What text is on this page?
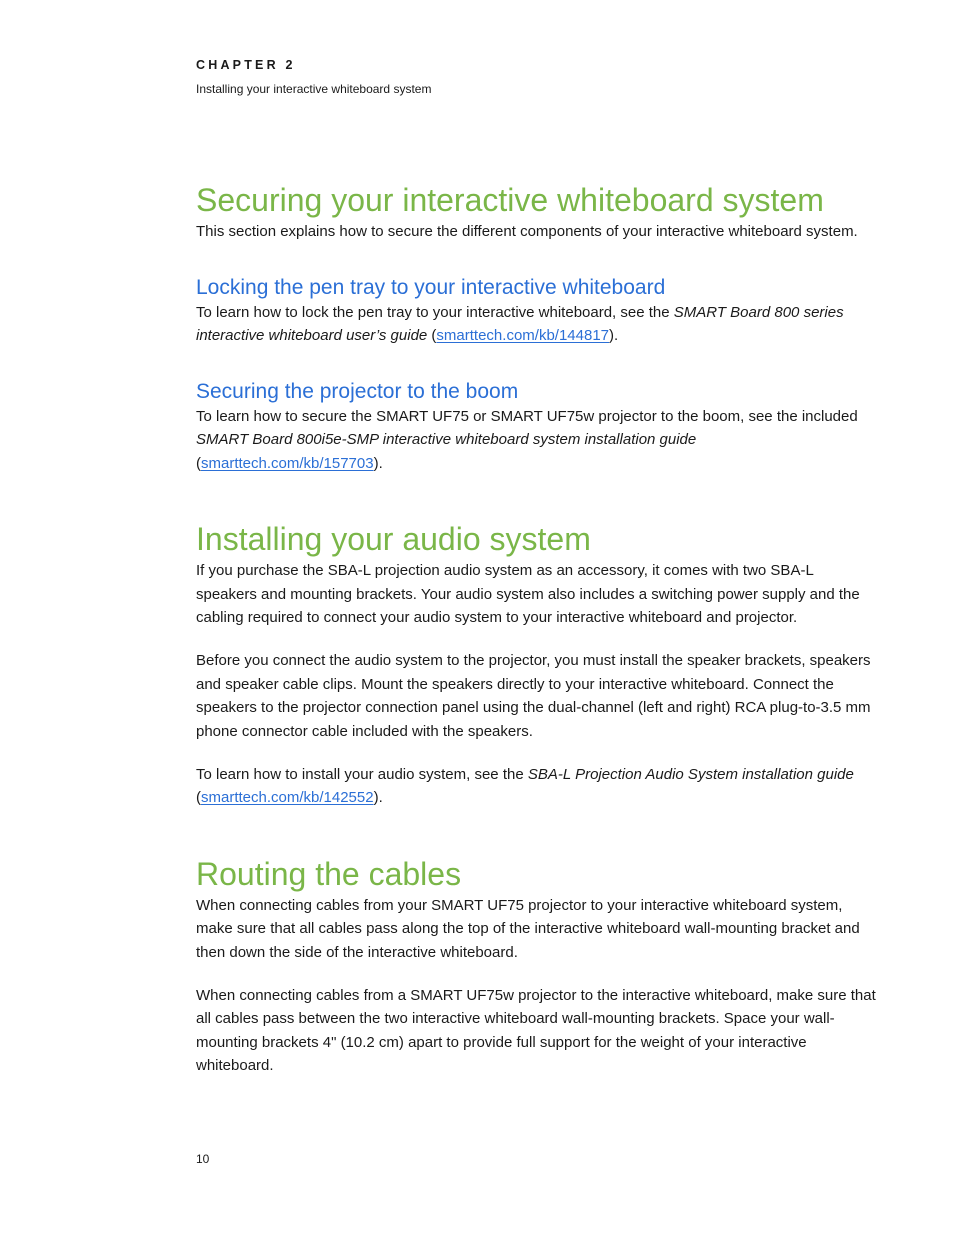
CHAPTER 2
Installing your interactive whiteboard system
Securing your interactive whiteboard system

This section explains how to secure the different components of your interactive whiteboard system.

Locking the pen tray to your interactive whiteboard

To learn how to lock the pen tray to your interactive whiteboard, see the SMART Board 800 series interactive whiteboard user’s guide (smarttech.com/kb/144817).

Securing the projector to the boom

To learn how to secure the SMART UF75 or SMART UF75w projector to the boom, see the included SMART Board 800i5e-SMP interactive whiteboard system installation guide
(smarttech.com/kb/157703).

Installing your audio system

If you purchase the SBA-L projection audio system as an accessory, it comes with two SBA-L speakers and mounting brackets. Your audio system also includes a switching power supply and the cabling required to connect your audio system to your interactive whiteboard and projector.

Before you connect the audio system to the projector, you must install the speaker brackets, speakers and speaker cable clips. Mount the speakers directly to your interactive whiteboard. Connect the speakers to the projector connection panel using the dual-channel (left and right) RCA plug-to-3.5 mm phone connector cable included with the speakers.

To learn how to install your audio system, see the SBA-L Projection Audio System installation guide
(smarttech.com/kb/142552).

Routing the cables

When connecting cables from your SMART UF75 projector to your interactive whiteboard system, make sure that all cables pass along the top of the interactive whiteboard wall-mounting bracket and then down the side of the interactive whiteboard.

When connecting cables from a SMART UF75w projector to the interactive whiteboard, make sure that all cables pass between the two interactive whiteboard wall-mounting brackets. Space your wall-mounting brackets 4" (10.2 cm) apart to provide full support for the weight of your interactive whiteboard.

10
